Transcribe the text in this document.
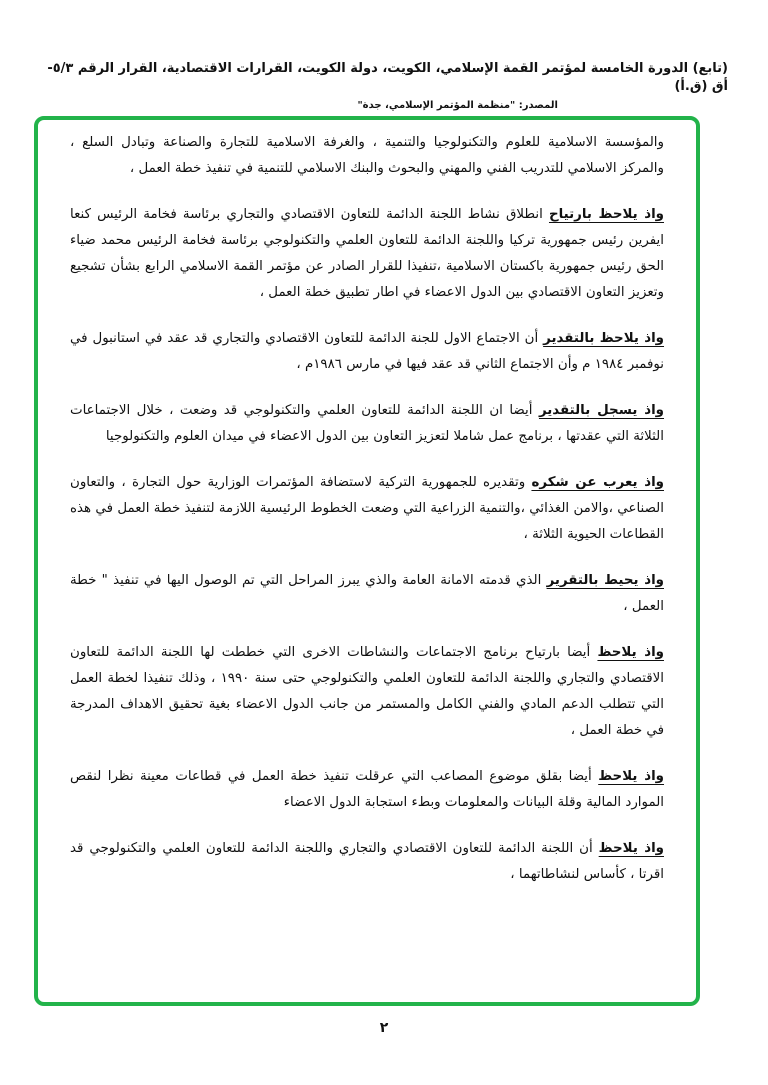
(تابع) الدورة الخامسة لمؤتمر القمة الإسلامي، الكويت، دولة الكويت، القرارات الاقتصادية، القرار الرقم ٥/٣-أق (ق.أ)

المصدر: "منظمة المؤتمر الإسلامي، جدة"

والمؤسسة الاسلامية للعلوم والتكنولوجيا والتنمية ، والغرفة الاسلامية للتجارة والصناعة وتبادل السلع ، والمركز الاسلامي للتدريب الفني والمهني والبحوث والبنك الاسلامي للتنمية في تنفيذ خطة العمل ،

واذ يلاحظ بارتياح انطلاق نشاط اللجنة الدائمة للتعاون الاقتصادي والتجاري برئاسة فخامة الرئيس كنعا ايفرين رئيس جمهورية تركيا واللجنة الدائمة للتعاون العلمي والتكنولوجي برئاسة فخامة الرئيس محمد ضياء الحق رئيس جمهورية باكستان الاسلامية ،تنفيذا للقرار الصادر عن مؤتمر القمة الاسلامي الرابع بشأن تشجيع وتعزيز التعاون الاقتصادي بين الدول الاعضاء في اطار تطبيق خطة العمل ،

واذ يلاحظ بالتقدير أن الاجتماع الاول للجنة الدائمة للتعاون الاقتصادي والتجاري قد عقد في استانبول في نوفمبر ١٩٨٤ م وأن الاجتماع الثاني قد عقد فيها في مارس ١٩٨٦م ،

واذ يسجل بالتقدير أيضا ان اللجنة الدائمة للتعاون العلمي والتكنولوجي قد وضعت ، خلال الاجتماعات الثلاثة التي عقدتها ، برنامج عمل شاملا لتعزيز التعاون بين الدول الاعضاء في ميدان العلوم والتكنولوجيا

واذ يعرب عن شكره وتقديره للجمهورية التركية لاستضافة المؤتمرات الوزارية حول التجارة ، والتعاون الصناعي ،والامن الغذائي ،والتنمية الزراعية التي وضعت الخطوط الرئيسية اللازمة لتنفيذ خطة العمل في هذه القطاعات الحيوية الثلاثة ،

واذ يحيط بالتقرير الذي قدمته الامانة العامة والذي يبرز المراحل التي تم الوصول اليها في تنفيذ " خطة العمل ،

واذ يلاحظ أيضا بارتياح برنامج الاجتماعات والنشاطات الاخرى التي خططت لها اللجنة الدائمة للتعاون الاقتصادي والتجاري واللجنة الدائمة للتعاون العلمي والتكنولوجي حتى سنة ١٩٩٠ ، وذلك تنفيذا لخطة العمل التي تتطلب الدعم المادي والفني الكامل والمستمر من جانب الدول الاعضاء بغية تحقيق الاهداف المدرجة في خطة العمل ،

واذ يلاحظ أيضا بقلق موضوع المصاعب التي عرقلت تنفيذ خطة العمل في قطاعات معينة نظرا لنقص الموارد المالية وقلة البيانات والمعلومات وبطء استجابة الدول الاعضاء

واذ يلاحظ أن اللجنة الدائمة للتعاون الاقتصادي والتجاري واللجنة الدائمة للتعاون العلمي والتكنولوجي قد اقرتا ، كأساس لنشاطاتهما ،

٢
